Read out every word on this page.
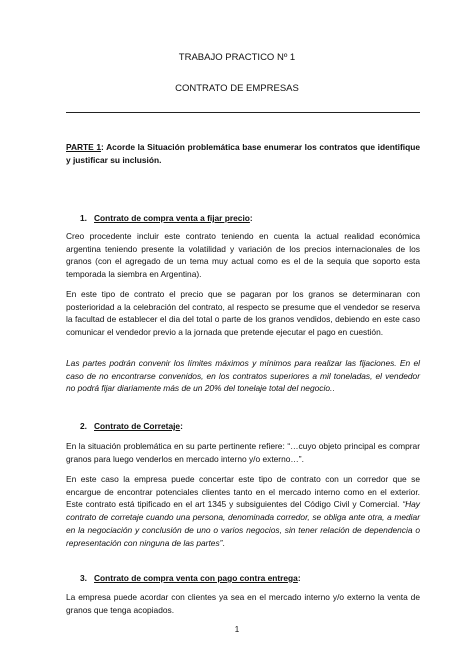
TRABAJO PRACTICO Nº 1

CONTRATO DE EMPRESAS

PARTE 1: Acorde la Situación problemática base enumerar los contratos que identifique y justificar su inclusión.

1. Contrato de compra venta a fijar precio:

Creo procedente incluir este contrato teniendo en cuenta la actual realidad económica argentina teniendo presente la volatilidad y variación de los precios internacionales de los granos (con el agregado de un tema muy actual como es el de la sequia que soporto esta temporada la siembra en Argentina).

En este tipo de contrato el precio que se pagaran por los granos se determinaran con posterioridad a la celebración del contrato, al respecto se presume que el vendedor se reserva la facultad de establecer el dia del total o parte de los granos vendidos, debiendo en este caso comunicar el vendedor previo a la jornada que pretende ejecutar el pago en cuestión.

Las partes podrán convenir los límites máximos y mínimos para realizar las fijaciones. En el caso de no encontrarse convenidos, en los contratos superiores a mil toneladas, el vendedor no podrá fijar diariamente más de un 20% del tonelaje total del negocio..

2. Contrato de Corretaje:

En la situación problemática en su parte pertinente refiere: “…cuyo objeto principal es comprar granos para luego venderlos en mercado interno y/o externo…”.

En este caso la empresa puede concertar este tipo de contrato con un corredor que se encargue de encontrar potenciales clientes tanto en el mercado interno como en el exterior. Este contrato está tipificado en el art 1345 y subsiguientes del Código Civil y Comercial. “Hay contrato de corretaje cuando una persona, denominada corredor, se obliga ante otra, a mediar en la negociación y conclusión de uno o varios negocios, sin tener relación de dependencia o representación con ninguna de las partes”.

3. Contrato de compra venta con pago contra entrega:

La empresa puede acordar con clientes ya sea en el mercado interno y/o externo la venta de granos que tenga acopiados.

1
